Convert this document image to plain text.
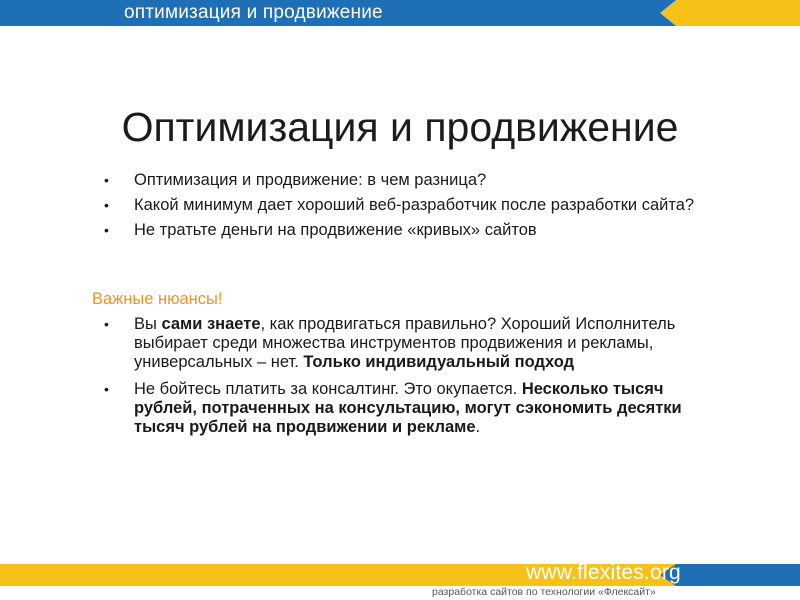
оптимизация и продвижение
Оптимизация и продвижение
• Оптимизация и продвижение: в чем разница?
• Какой минимум дает хороший веб-разработчик после разработки сайта?
• Не тратьте деньги на продвижение «кривых» сайтов
Важные нюансы!
• Вы сами знаете, как продвигаться правильно? Хороший Исполнитель выбирает среди множества инструментов продвижения и рекламы, универсальных – нет. Только индивидуальный подход
• Не бойтесь платить за консалтинг. Это окупается. Несколько тысяч рублей, потраченных на консультацию, могут сэкономить десятки тысяч рублей на продвижении и рекламе.
www.flexites.org
разработка сайтов по технологии «Флексайт»
